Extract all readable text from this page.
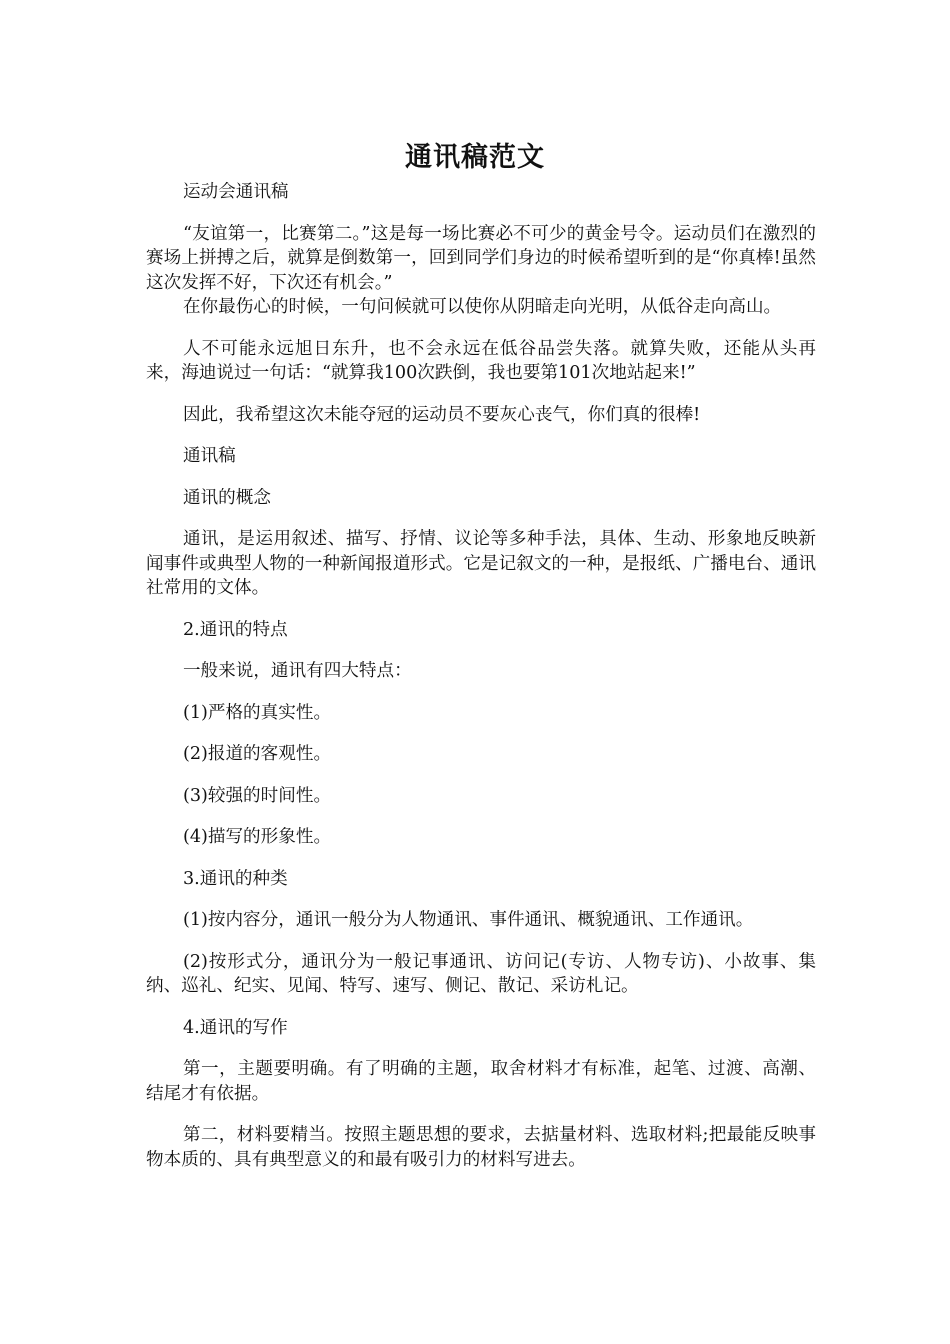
通讯稿范文

运动会通讯稿

“友谊第一，比赛第二。”这是每一场比赛必不可少的黄金号令。运动员们在激烈的赛场上拼搏之后，就算是倒数第一，回到同学们身边的时候希望听到的是“你真棒!虽然这次发挥不好，下次还有机会。”

在你最伤心的时候，一句问候就可以使你从阴暗走向光明，从低谷走向高山。

人不可能永远旭日东升，也不会永远在低谷品尝失落。就算失败，还能从头再来，海迪说过一句话：“就算我100次跌倒，我也要第101次地站起来!”

因此，我希望这次未能夺冠的运动员不要灰心丧气，你们真的很棒!

通讯稿

通讯的概念

通讯，是运用叙述、描写、抒情、议论等多种手法，具体、生动、形象地反映新闻事件或典型人物的一种新闻报道形式。它是记叙文的一种，是报纸、广播电台、通讯社常用的文体。

2.通讯的特点

一般来说，通讯有四大特点：

(1)严格的真实性。

(2)报道的客观性。

(3)较强的时间性。

(4)描写的形象性。

3.通讯的种类

(1)按内容分，通讯一般分为人物通讯、事件通讯、概貌通讯、工作通讯。

(2)按形式分，通讯分为一般记事通讯、访问记(专访、人物专访)、小故事、集纳、巡礼、纪实、见闻、特写、速写、侧记、散记、采访札记。

4.通讯的写作

第一，主题要明确。有了明确的主题，取舍材料才有标准，起笔、过渡、高潮、结尾才有依据。

第二，材料要精当。按照主题思想的要求，去掂量材料、选取材料;把最能反映事物本质的、具有典型意义的和最有吸引力的材料写进去。
